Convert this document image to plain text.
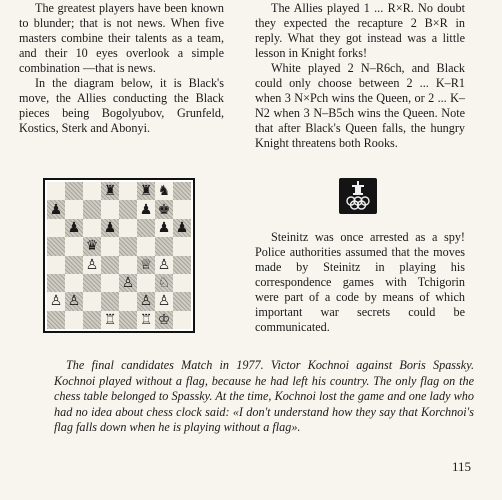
The greatest players have been known to blunder; that is not news. When five masters combine their talents as a team, and their 10 eyes overlook a simple combination —that is news.

In the diagram below, it is Black's move, the Allies conducting the Black pieces being Bogolyubov, Grunfeld, Kostics, Sterk and Abonyi.

The Allies played 1 ... R×R. No doubt they expected the recapture 2 B×R in reply. What they got instead was a little lesson in Knight forks!

White played 2 N–R6ch, and Black could only choose between 2 ... K–R1 when 3 N×Pch wins the Queen, or 2 ... K–N2 when 3 N–B5ch wins the Queen. Note that after Black's Queen falls, the hungry Knight threatens both Rooks.

♜ ♜ ♞
♟	♟ ♚
♟ ♟	♟ ♟
♛
♙	♕ ♙
♙ ♘
♙ ♙	♙ ♙
♖ ♖ ♔

Steinitz was once arrested as a spy! Police authorities assumed that the moves made by Steinitz in playing his correspondence games with Tchigorin were part of a code by means of which important war secrets could be communicated.

The final candidates Match in 1977. Victor Kochnoi against Boris Spassky. Kochnoi played without a flag, because he had left his country. The only flag on the chess table belonged to Spassky. At the time, Kochnoi lost the game and one lady who had no idea about chess clock said: «I don't understand how they say that Korchnoi's flag falls down when he is playing without a flag».

115
